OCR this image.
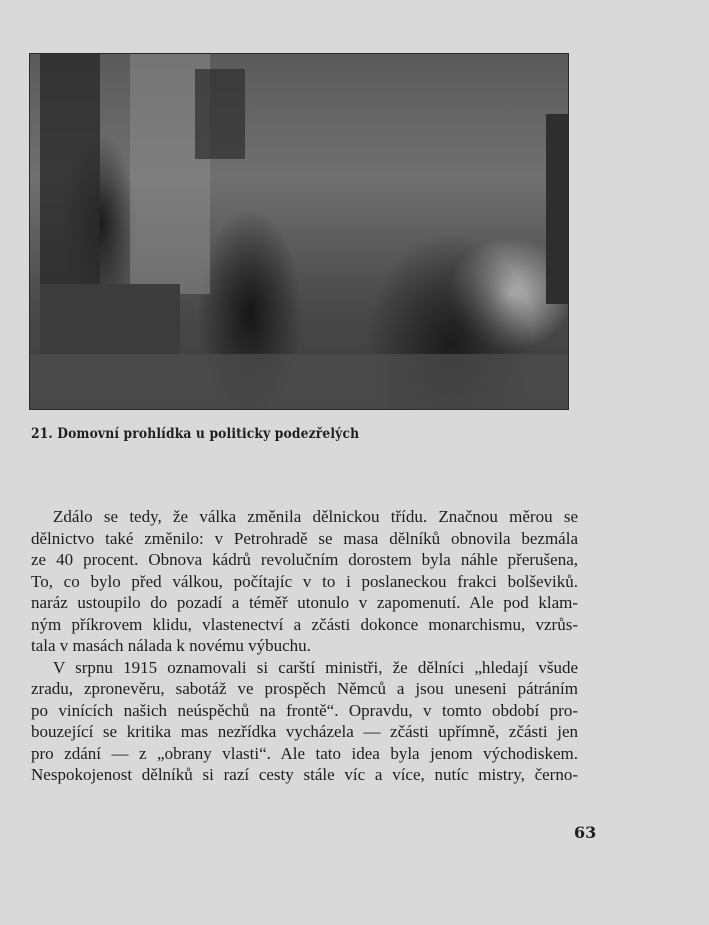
21. Domovní prohlídka u politicky podezřelých
Zdálo se tedy, že válka změnila dělnickou třídu. Značnou měrou se
dělnictvo také změnilo: v Petrohradě se masa dělníků obnovila bezmála
ze 40 procent. Obnova kádrů revolučním dorostem byla náhle přerušena,
To, co bylo před válkou, počítajíc v to i poslaneckou frakci bolševiků.
naráz ustoupilo do pozadí a téměř utonulo v zapomenutí. Ale pod klam-
ným příkrovem klidu, vlastenectví a zčásti dokonce monarchismu, vzrůs-
tala v masách nálada k novému výbuchu.
V srpnu 1915 oznamovali si carští ministři, že dělníci „hledají všude
zradu, zpronevěru, sabotáž ve prospěch Němců a jsou uneseni pátráním
po vinících našich neúspěchů na frontě“. Opravdu, v tomto období pro-
bouzející se kritika mas nezřídka vycházela — zčásti upřímně, zčásti jen
pro zdání — z „obrany vlasti“. Ale tato idea byla jenom východiskem.
Nespokojenost dělníků si razí cesty stále víc a více, nutíc mistry, černo-
63
